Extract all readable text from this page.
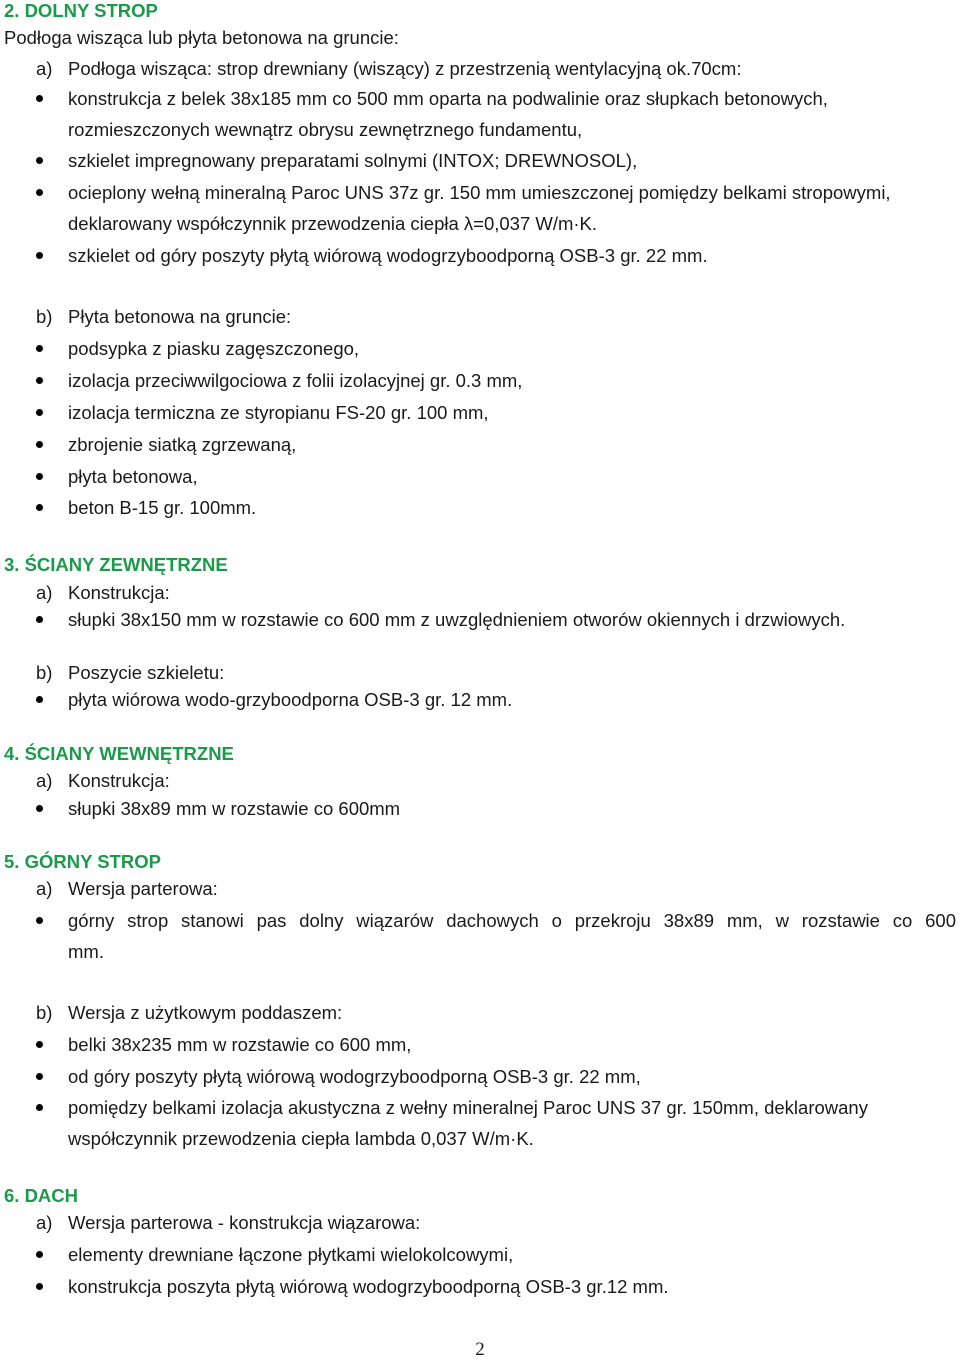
2. DOLNY STROP
Podłoga wisząca lub płyta betonowa na gruncie:
a) Podłoga wisząca: strop drewniany (wiszący) z przestrzenią wentylacyjną ok.70cm:
konstrukcja z belek 38x185 mm co 500 mm oparta na podwalinie oraz słupkach betonowych,
rozmieszczonych wewnątrz obrysu zewnętrznego fundamentu,
szkielet impregnowany preparatami solnymi (INTOX; DREWNOSOL),
ocieplony wełną mineralną Paroc UNS 37z gr. 150 mm umieszczonej pomiędzy belkami stropowymi,
deklarowany współczynnik przewodzenia ciepła λ=0,037 W/m·K.
szkielet od góry poszyty płytą wiórową wodogrzyboodporną OSB-3 gr. 22 mm.
b) Płyta betonowa na gruncie:
podsypka z piasku zagęszczonego,
izolacja przeciwwilgociowa z folii izolacyjnej gr. 0.3 mm,
izolacja termiczna ze styropianu FS-20 gr. 100 mm,
zbrojenie siatką zgrzewaną,
płyta betonowa,
beton B-15 gr. 100mm.
3. ŚCIANY ZEWNĘTRZNE
a) Konstrukcja:
słupki 38x150 mm w rozstawie co 600 mm z uwzględnieniem otworów okiennych i drzwiowych.
b) Poszycie szkieletu:
płyta wiórowa wodo-grzyboodporna OSB-3 gr. 12 mm.
4. ŚCIANY WEWNĘTRZNE
a) Konstrukcja:
słupki 38x89 mm w rozstawie co 600mm
5. GÓRNY STROP
a) Wersja parterowa:
górny strop stanowi pas dolny wiązarów dachowych o przekroju 38x89 mm, w rozstawie co 600
mm.
b) Wersja z użytkowym poddaszem:
belki 38x235 mm w rozstawie co 600 mm,
od góry poszyty płytą wiórową wodogrzyboodporną OSB-3 gr. 22 mm,
pomiędzy belkami izolacja akustyczna z wełny mineralnej Paroc UNS 37 gr. 150mm, deklarowany
współczynnik przewodzenia ciepła lambda 0,037 W/m·K.
6. DACH
a) Wersja parterowa - konstrukcja wiązarowa:
elementy drewniane łączone płytkami wielokolcowymi,
konstrukcja poszyta płytą wiórową wodogrzyboodporną OSB-3 gr.12 mm.
2
